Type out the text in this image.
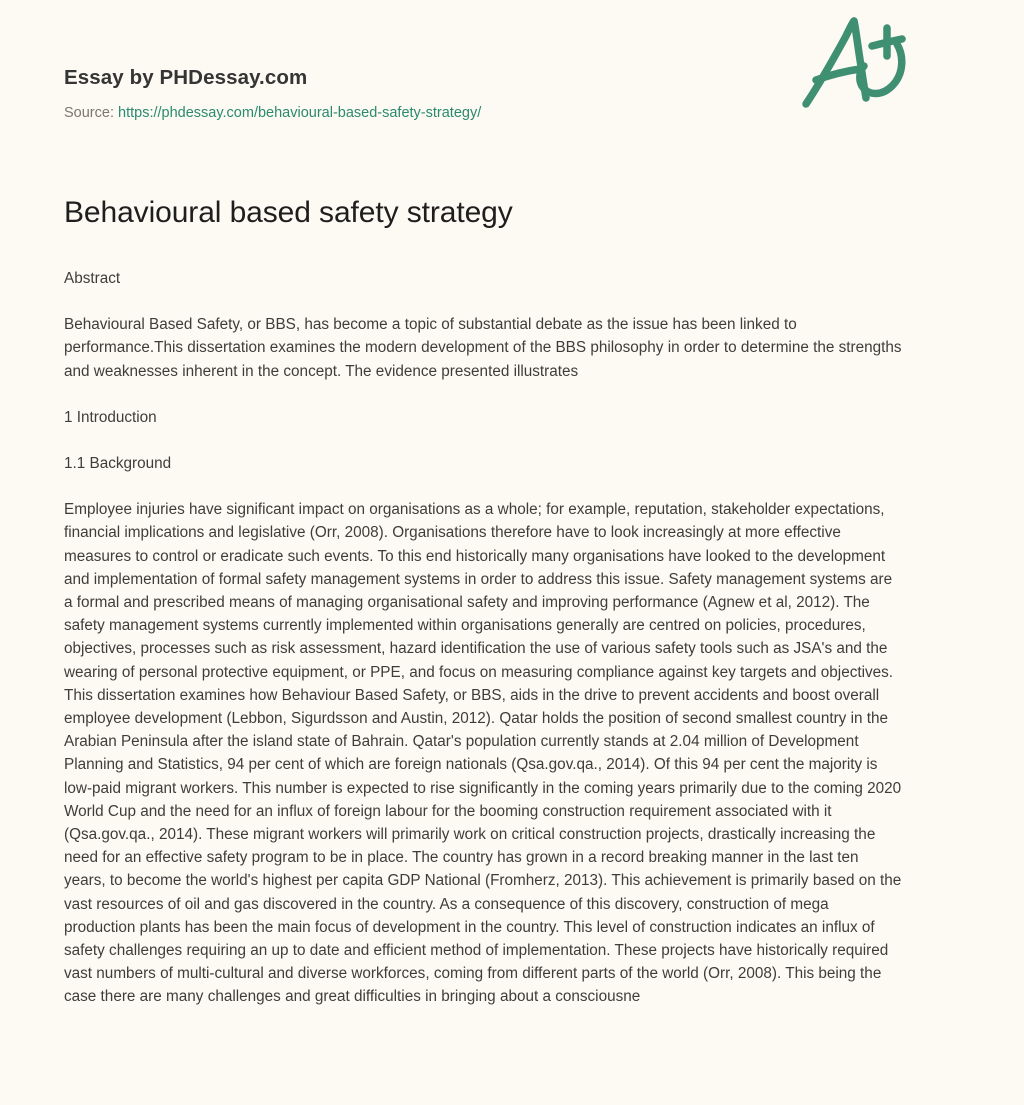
Essay by PHDessay.com
Source: https://phdessay.com/behavioural-based-safety-strategy/
Behavioural based safety strategy

Abstract

Behavioural Based Safety, or BBS, has become a topic of substantial debate as the issue has been linked to performance.This dissertation examines the modern development of the BBS philosophy in order to determine the strengths and weaknesses inherent in the concept. The evidence presented illustrates

1 Introduction

1.1 Background

Employee injuries have significant impact on organisations as a whole; for example, reputation, stakeholder expectations, financial implications and legislative (Orr, 2008). Organisations therefore have to look increasingly at more effective measures to control or eradicate such events. To this end historically many organisations have looked to the development and implementation of formal safety management systems in order to address this issue. Safety management systems are a formal and prescribed means of managing organisational safety and improving performance (Agnew et al, 2012). The safety management systems currently implemented within organisations generally are centred on policies, procedures, objectives, processes such as risk assessment, hazard identification the use of various safety tools such as JSA's and the wearing of personal protective equipment, or PPE, and focus on measuring compliance against key targets and objectives.

This dissertation examines how Behaviour Based Safety, or BBS, aids in the drive to prevent accidents and boost overall employee development (Lebbon, Sigurdsson and Austin, 2012). Qatar holds the position of second smallest country in the Arabian Peninsula after the island state of Bahrain. Qatar's population currently stands at 2.04 million of Development Planning and Statistics, 94 per cent of which are foreign nationals (Qsa.gov.qa., 2014). Of this 94 per cent the majority is low-paid migrant workers. This number is expected to rise significantly in the coming years primarily due to the coming 2020 World Cup and the need for an influx of foreign labour for the booming construction requirement associated with it (Qsa.gov.qa., 2014). These migrant workers will primarily work on critical construction projects, drastically increasing the need for an effective safety program to be in place. The country has grown in a record breaking manner in the last ten years, to become the world's highest per capita GDP National (Fromherz, 2013). This achievement is primarily based on the vast resources of oil and gas discovered in the country. As a consequence of this discovery, construction of mega production plants has been the main focus of development in the country. This level of construction indicates an influx of safety challenges requiring an up to date and efficient method of implementation. These projects have historically required vast numbers of multi-cultural and diverse workforces, coming from different parts of the world (Orr, 2008). This being the case there are many challenges and great difficulties in bringing about a consciousne
